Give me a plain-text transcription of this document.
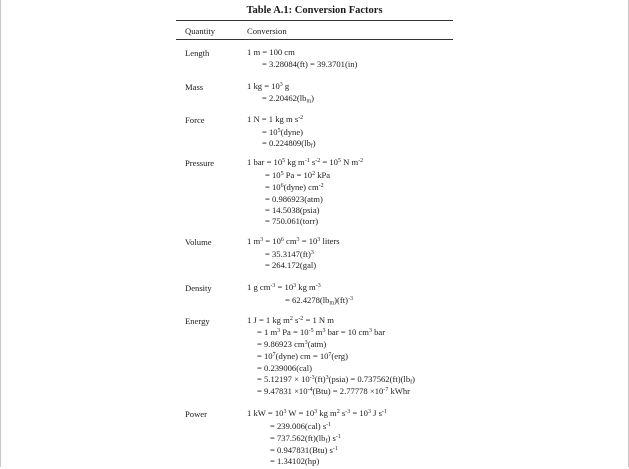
Table A.1: Conversion Factors
Quantity	Conversion
Length	1 m = 100 cm
= 3.28084(ft) = 39.3701(in)
Mass	1 kg = $10^3$ g
= $2.20462(lb_m)$
Force	1 N = 1 kg m $s^{-2}$
= $10^5(dyne)$
= $0.224809(lb_f)$
Pressure	1 bar = $10^5$ kg $m^{-1}$ $s^{-2} = 10^5$ N $m^{-2}$
= $10^5$ $Pa = 10^2$ kPa
= $10^6(dyne)$ $cm^{-2}$
= 0.986923(atm)
= 14.5038(psia)
= 750.061(torr)
Volume	1 $m^3 = 10^6$ $cm^3 = 10^3$ liters
= 35.3147(ft)$^3$
= 264.172(gal)
Density	1 g $cm^{-3} = 10^3$ kg $m^{-3}$
= $62.4278(lb_m)(ft)^{-3}$
Energy	1 J = 1 kg $m^2$ $s^{-2} = 1$ N m
= 1 $m^3$ $Pa = 10^{-5}$ $m^3$ bar = 10 $cm^3$ bar
= 9.86923 $cm^3(atm)$
= $10^7(dyne)$ cm = $10^7(erg)$
= 0.239006(cal)
= $5.12197 \times 10^{-3}(ft)^3(psia) = 0.737562(ft)(lb_f)$
= $9.47831 \times 10^{-4}(Btu) = 2.77778 \times 10^{-7}$ kWhr
Power	1 kW = $10^3$ $W = 10^3$ kg $m^2$ $s^{-3} = 10^3$ J $s^{-1}$
= 239.006(cal) $s^{-1}$
= $737.562(ft)(lb_f)$ $s^{-1}$
= 0.947831(Btu) $s^{-1}$
= 1.34102(hp)
